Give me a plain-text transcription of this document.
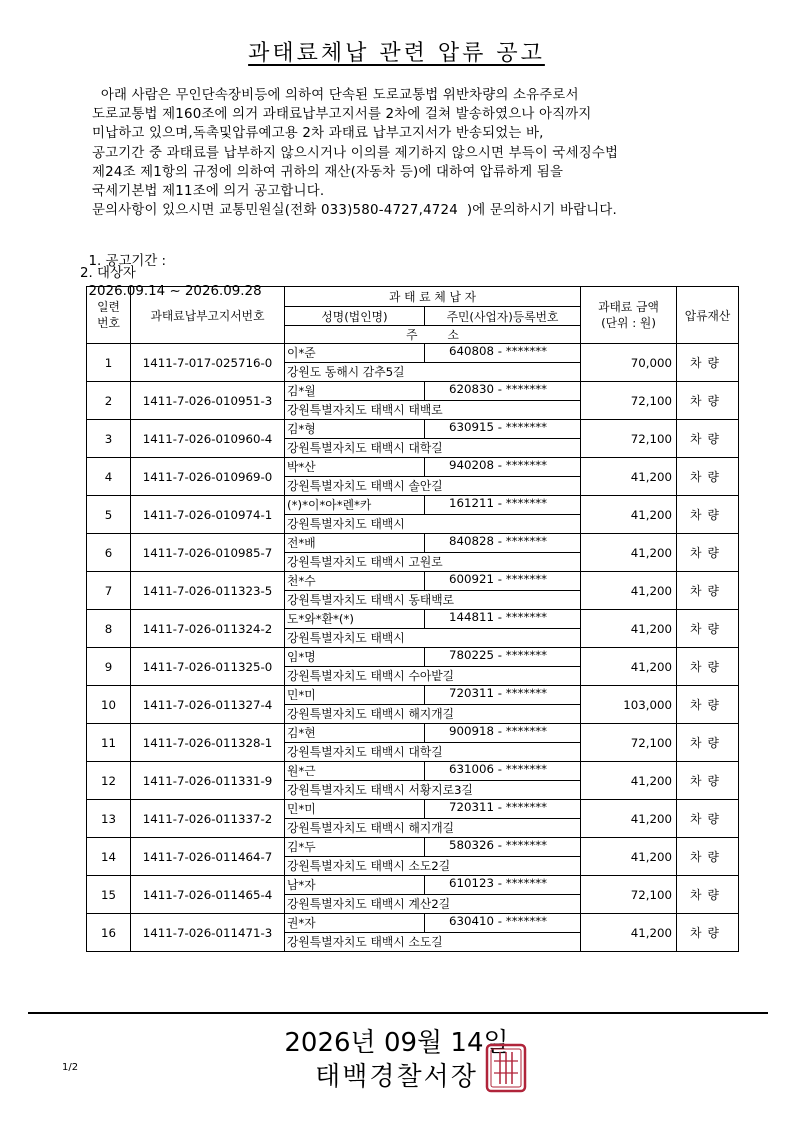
과태료체납 관련 압류 공고
아래 사람은 무인단속장비등에 의하여 단속된 도로교통법 위반차량의 소유주로서
도로교통법 제160조에 의거 과태료납부고지서를 2차에 걸쳐 발송하였으나 아직까지
미납하고 있으며,독촉및압류예고용 2차 과태료 납부고지서가 반송되었는 바,
공고기간 중 과태료를 납부하지 않으시거나 이의를 제기하지 않으시면 부득이 국세징수법
제24조 제1항의 규정에 의하여 귀하의 재산(자동차 등)에 대하여 압류하게 됨을
국세기본법 제11조에 의거 공고합니다.
문의사항이 있으시면 교통민원실(전화 033)580-4727,4724  )에 문의하시기 바랍니다.

1. 공고기간 :

2026.09.14 ~ 2026.09.28

2. 대상자
일련
번호	과태료납부고지서번호	과 태 료 체 납 자		과태료 금액
(단위 : 원)	압류재산
		성명(법인명)	주민(사업자)등록번호		
		주        소			
1	1411-7-017-025716-0	이*준	640808 - *******	70,000	차량

		강원도 동해시 감추5길			

2	1411-7-026-010951-3	김*월	620830 - *******	72,100	차량

		강원특별자치도 태백시 태백로			

3	1411-7-026-010960-4	김*형	630915 - *******	72,100	차량

		강원특별자치도 태백시 대학길			

4	1411-7-026-010969-0	박*산	940208 - *******	41,200	차량

		강원특별자치도 태백시 솔안길			

5	1411-7-026-010974-1	(*)*이*아*렌*카	161211 - *******	41,200	차량

		강원특별자치도 태백시			

6	1411-7-026-010985-7	전*배	840828 - *******	41,200	차량

		강원특별자치도 태백시 고원로			

7	1411-7-026-011323-5	천*수	600921 - *******	41,200	차량

		강원특별자치도 태백시 동태백로			

8	1411-7-026-011324-2	도*와*환*(*)	144811 - *******	41,200	차량

		강원특별자치도 태백시			

9	1411-7-026-011325-0	임*명	780225 - *******	41,200	차량

		강원특별자치도 태백시 수아밭길			

10	1411-7-026-011327-4	민*미	720311 - *******	103,000	차량

		강원특별자치도 태백시 해지개길			

11	1411-7-026-011328-1	김*현	900918 - *******	72,100	차량

		강원특별자치도 태백시 대학길			

12	1411-7-026-011331-9	원*근	631006 - *******	41,200	차량

		강원특별자치도 태백시 서황지로3길			

13	1411-7-026-011337-2	민*미	720311 - *******	41,200	차량

		강원특별자치도 태백시 해지개길			

14	1411-7-026-011464-7	김*두	580326 - *******	41,200	차량

		강원특별자치도 태백시 소도2길			

15	1411-7-026-011465-4	남*자	610123 - *******	72,100	차량

		강원특별자치도 태백시 계산2길			

16	1411-7-026-011471-3	권*자	630410 - *******	41,200	차량

		강원특별자치도 태백시 소도길			
2026년 09월 14일
태백경찰서장
1/2
